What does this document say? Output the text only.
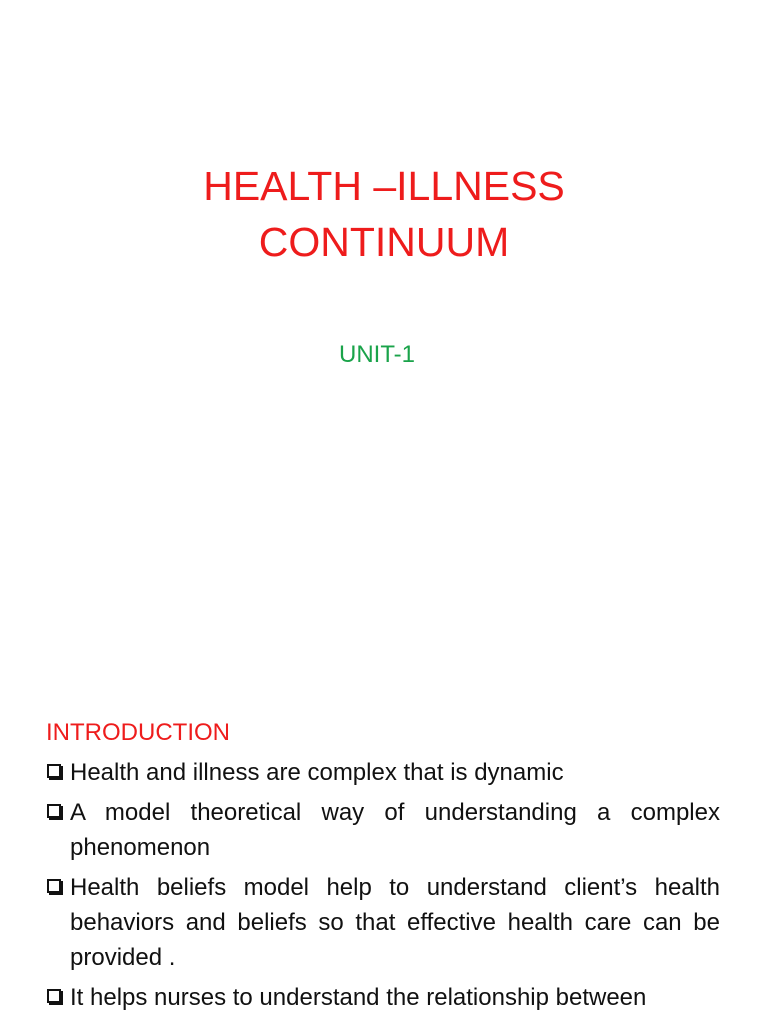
HEALTH –ILLNESS
CONTINUUM

UNIT-1

INTRODUCTION
Health and illness are complex that is dynamic
A model theoretical way of understanding a complex phenomenon
Health beliefs model help to understand client’s health behaviors and beliefs so that effective health care can be provided .
It helps nurses to understand the relationship between
